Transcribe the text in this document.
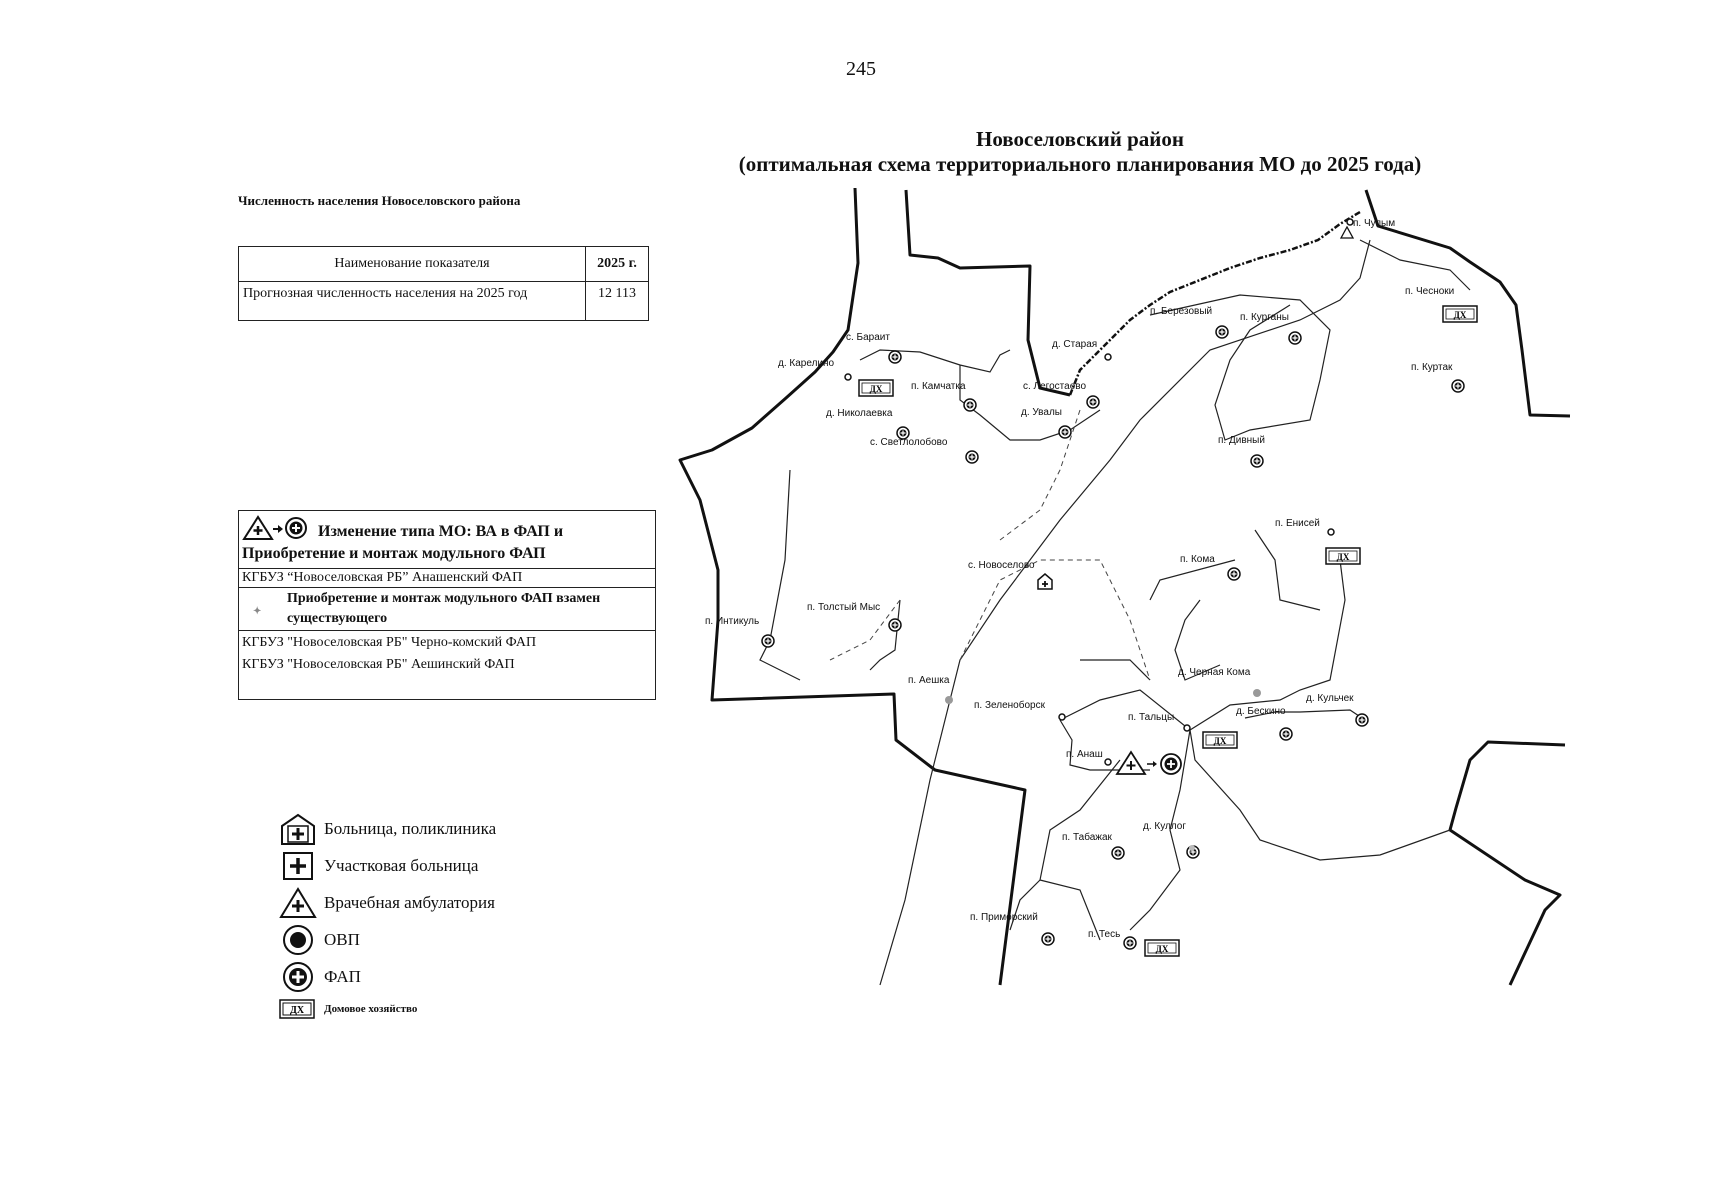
245
Новоселовский район
(оптимальная схема территориального планирования МО до 2025 года)
Численность населения Новоселовского района
Наименование показателя	2025 г.
Прогнозная численность населения на 2025 год	12 113
Изменение типа МО: ВА в ФАП и Приобретение и монтаж модульного ФАП
КГБУЗ “Новоселовская РБ” Анашенский ФАП
✦
Приобретение и монтаж модульного ФАП взамен существующего
КГБУЗ "Новоселовская РБ" Черно-комский ФАП
КГБУЗ "Новоселовская РБ" Аешинский ФАП
Больница, поликлиника
Участковая больница
Врачебная амбулатория
ОВП
ФАП
ДХ Домовое хозяйство
ДХ
ДХ
ДХ
ДХ
ДХ
п. Чупым
п. Чесноки
п. Куртак
с. Бараит
д. Карелино
п. Камчатка
д. Николаевка
с. Светлолобово
д. Старая
с. Легостаево
д. Увалы
п. Березовый
п. Курганы
п. Дивный
п. Енисей
п. Кома
с. Новоселово
п. Интикуль
п. Толстый Мыс
п. Аешка
п. Зеленоборск
д. Черная Кома
д. Кульчек
д. Бескино
п. Тальцы
п. Анаш
п. Табажак
д. Куллог
п. Приморский
п. Тесь
